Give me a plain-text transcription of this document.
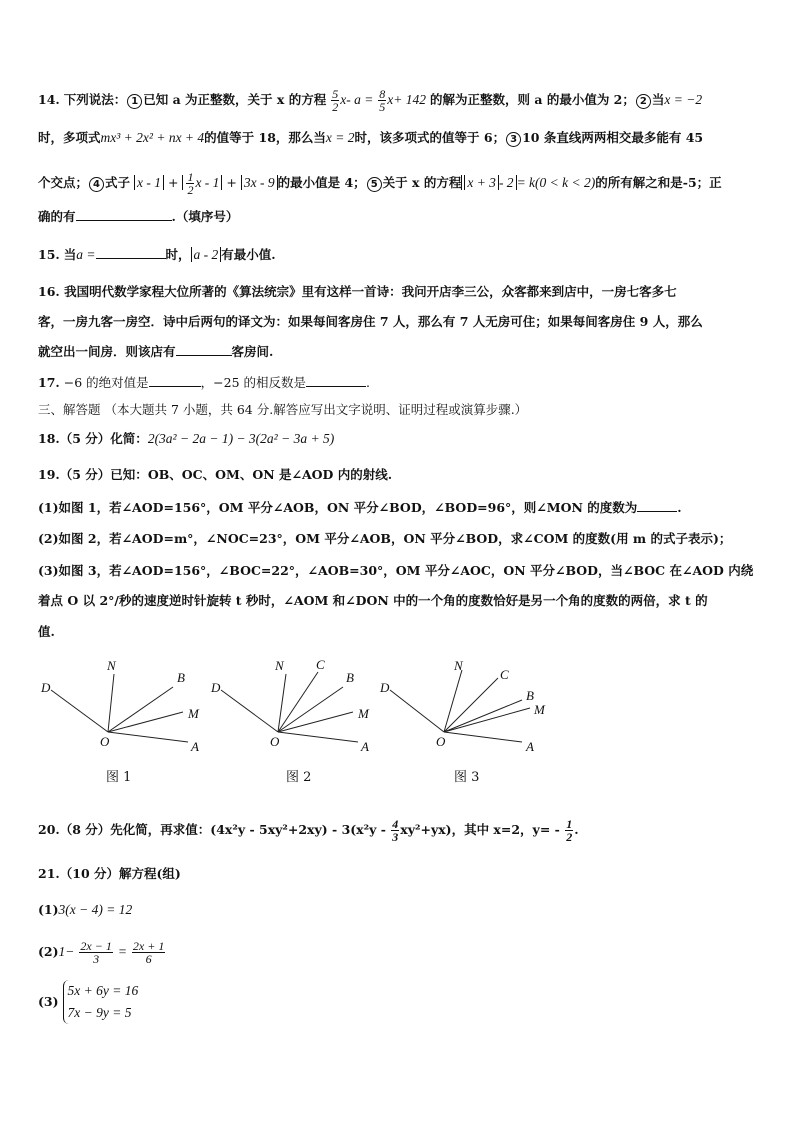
14. 下列说法： 1 已知 a 为正整数，关于 x 的方程 $\frac{5}{2} x-$ $a = \frac{8}{5} x+ 142$ 的解为正整数，则 a 的最小值为 2； 2 当x = −2
时，多项式mx³ + 2x² + nx + 4的值等于 18，那么当x = 2时，该多项式的值等于 6； 3 10 条直线两两相交最多能有 45
个交点； 4 式子 $x - 1 + \frac{1}{2}$ x - 1 + 3x - 9 的最小值是 4； 5 关于 x 的方程 x + 3 - 2 = k(0 < k < 2)的所有解之和是-5；正
确的有	.（填序号）
15. 当a =	时， a - 2 有最小值.
16. 我国明代数学家程大位所著的《算法统宗》里有这样一首诗：我问开店李三公，众客都来到店中，一房七客多七
客，一房九客一房空．诗中后两句的译文为：如果每间客房住 7 人，那么有 7 人无房可住；如果每间客房住 9 人，那么
就空出一间房．则该店有	客房间.
17. −6 的绝对值是	，−25 的相反数是	.
三、解答题 （本大题共 7 小题，共 64 分.解答应写出文字说明、证明过程或演算步骤.）
18.（5 分）化简：2(3a² − 2a − 1) − 3(2a² − 3a + 5)
19.（5 分）已知：OB、OC、OM、ON 是∠AOD 内的射线.
(1)如图 1，若∠AOD=156°，OM 平分∠AOB，ON 平分∠BOD，∠BOD=96°，则∠MON 的度数为	.
(2)如图 2，若∠AOD=m°，∠NOC=23°，OM 平分∠AOB，ON 平分∠BOD，求∠COM 的度数(用 m 的式子表示)；
(3)如图 3，若∠AOD=156°，∠BOC=22°，∠AOB=30°，OM 平分∠AOC，ON 平分∠BOD，当∠BOC 在∠AOD 内绕
着点 O 以 2°/秒的速度逆时针旋转 t 秒时，∠AOM 和∠DON 中的一个角的度数恰好是另一个角的度数的两倍，求 t 的
值.
D
N
B
M
O	A
D
N C
B
M
O	A
D
N
C
B
M
O	A
图 1	图 2	图 3
20.（8 分）先化简，再求值：$(4x^2y - 5xy^2+2xy) - 3(x^2y - \frac{4}{3} xy^2+yx)$，其中 x=2，$y= - \frac{1}{2}$ .
21.（10 分）解方程(组)
(1)3(x − 4) = 12
$(2)1- \frac{2x - 1}{3} = \frac{2x + 1}{6}$
(3)
5x + 6y = 16
7x − 9y = 5
